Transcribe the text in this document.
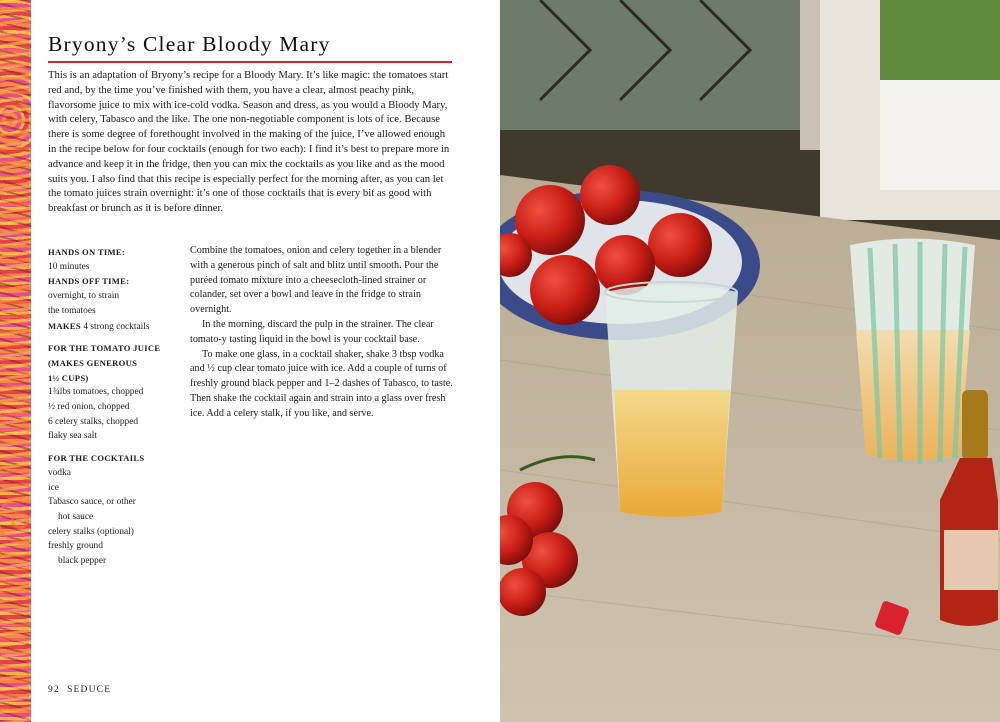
Bryony’s Clear Bloody Mary

This is an adaptation of Bryony’s recipe for a Bloody Mary. It’s like magic: the tomatoes start red and, by the time you’ve finished with them, you have a clear, almost peachy pink, flavorsome juice to mix with ice-cold vodka. Season and dress, as you would a Bloody Mary, with celery, Tabasco and the like. The one non-negotiable component is lots of ice. Because there is some degree of forethought involved in the making of the juice, I’ve allowed enough in the recipe below for four cocktails (enough for two each): I find it’s best to prepare more in advance and keep it in the fridge, then you can mix the cocktails as you like and as the mood suits you. I also find that this recipe is especially perfect for the morning after, as you can let the tomato juices strain overnight: it’s one of those cocktails that is every bit as good with breakfast or brunch as it is before dinner.

HANDS ON TIME:
10 minutes
HANDS OFF TIME:
overnight, to strain
the tomatoes
MAKES 4 strong cocktails
FOR THE TOMATO JUICE
(MAKES GENEROUS
1½ CUPS)
1¾lbs tomatoes, chopped
½ red onion, chopped
6 celery stalks, chopped
flaky sea salt
FOR THE COCKTAILS
vodka
ice
Tabasco sauce, or other
hot sauce
celery stalks (optional)
freshly ground
black pepper

Combine the tomatoes, onion and celery together in a blender with a generous pinch of salt and blitz until smooth. Pour the puréed tomato mixture into a cheesecloth-lined strainer or colander, set over a bowl and leave in the fridge to strain overnight.

In the morning, discard the pulp in the strainer. The clear tomato-y tasting liquid in the bowl is your cocktail base.

To make one glass, in a cocktail shaker, shake 3 tbsp vodka and ½ cup clear tomato juice with ice. Add a couple of turns of freshly ground black pepper and 1–2 dashes of Tabasco, to taste. Then shake the cocktail again and strain into a glass over fresh ice. Add a celery stalk, if you like, and serve.

92 SEDUCE
